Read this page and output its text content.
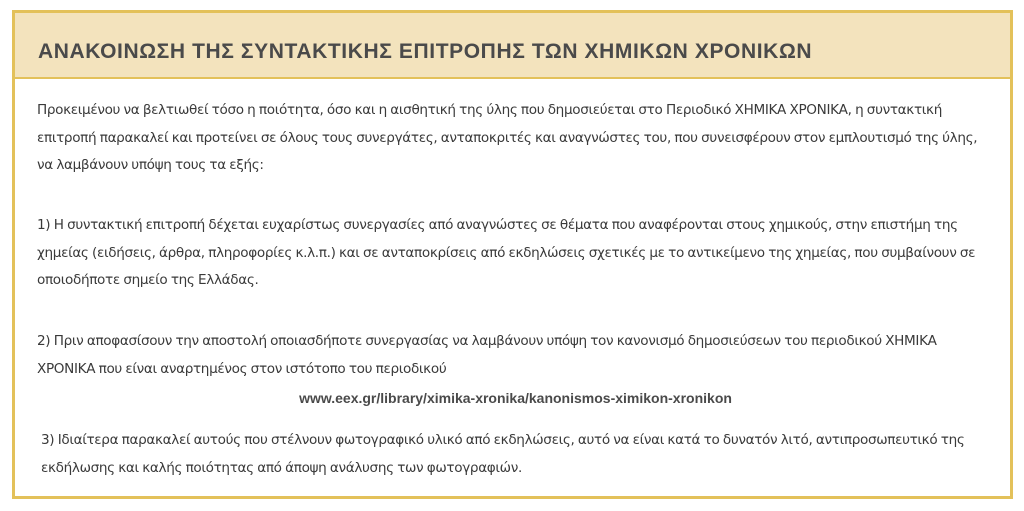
ΑΝΑΚΟΙΝΩΣΗ ΤΗΣ ΣΥΝΤΑΚΤΙΚΗΣ ΕΠΙΤΡΟΠΗΣ ΤΩΝ ΧΗΜΙΚΩΝ ΧΡΟΝΙΚΩΝ

Προκειμένου να βελτιωθεί τόσο η ποιότητα, όσο και η αισθητική της ύλης που δημοσιεύεται στο Περιοδικό ΧΗΜΙΚΑ ΧΡΟΝΙΚΑ, η συντακτική επιτροπή παρακαλεί και προτείνει σε όλους τους συνεργάτες, ανταποκριτές και αναγνώστες του, που συνεισφέρουν στον εμπλουτισμό της ύλης, να λαμβάνουν υπόψη τους τα εξής:

1) Η συντακτική επιτροπή δέχεται ευχαρίστως συνεργασίες από αναγνώστες σε θέματα που αναφέρονται στους χημικούς, στην επιστήμη της χημείας (ειδήσεις, άρθρα, πληροφορίες κ.λ.π.) και σε ανταποκρίσεις από εκδηλώσεις σχετικές με το αντικείμενο της χημείας, που συμβαίνουν σε οποιοδήποτε σημείο της Ελλάδας.

2) Πριν αποφασίσουν την αποστολή οποιασδήποτε συνεργασίας να λαμβάνουν υπόψη τον κανονισμό δημοσιεύσεων του περιοδικού ΧΗΜΙΚΑ ΧΡΟΝΙΚΑ που είναι αναρτημένος στον ιστότοπο του περιοδικού

www.eex.gr/library/ximika-xronika/kanonismos-ximikon-xronikon

3) Ιδιαίτερα παρακαλεί αυτούς που στέλνουν φωτογραφικό υλικό από εκδηλώσεις, αυτό να είναι κατά το δυνατόν λιτό, αντιπροσωπευτικό της εκδήλωσης και καλής ποιότητας από άποψη ανάλυσης των φωτογραφιών.
